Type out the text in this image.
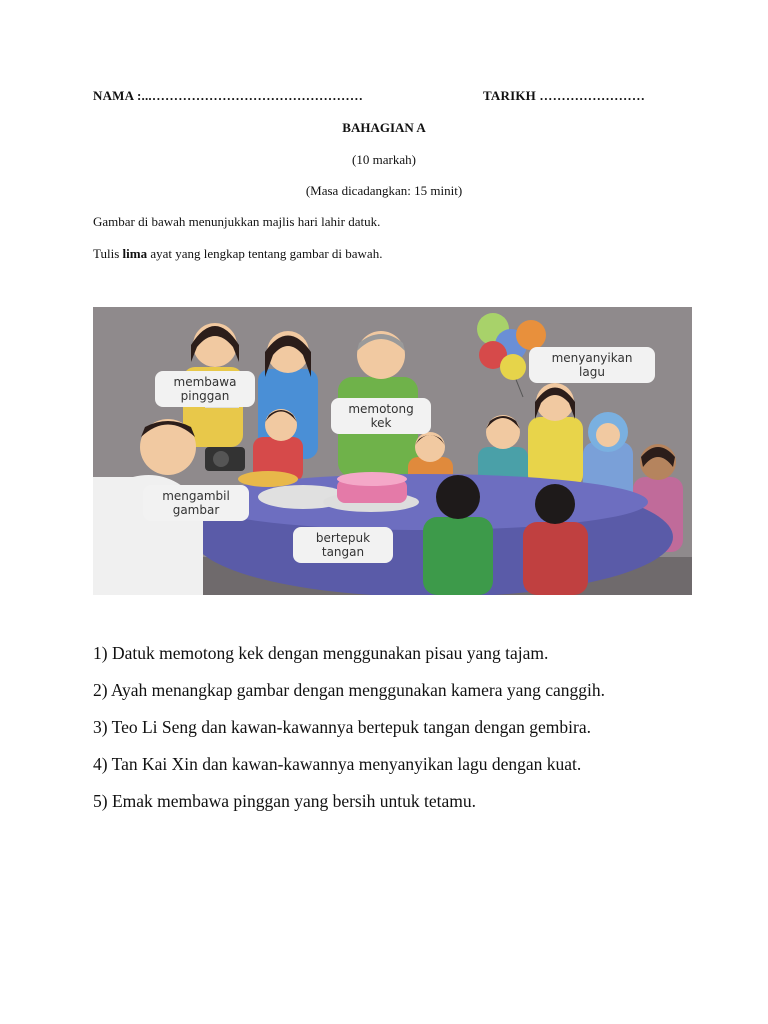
NAMA :...…………………………………………	TARIKH ……………………
BAHAGIAN A
(10 markah)
(Masa dicadangkan: 15 minit)
Gambar di bawah menunjukkan majlis hari lahir datuk.
Tulis lima ayat yang lengkap tentang gambar di bawah.
membawa
pinggan
memotong
kek
menyanyikan
lagu
mengambil
gambar
bertepuk
tangan

1) Datuk memotong kek dengan menggunakan pisau yang tajam.

2) Ayah menangkap gambar dengan menggunakan kamera yang canggih.

3) Teo Li Seng dan kawan-kawannya bertepuk tangan dengan gembira.

4) Tan Kai Xin dan kawan-kawannya menyanyikan lagu dengan kuat.

5) Emak membawa pinggan yang bersih untuk tetamu.
